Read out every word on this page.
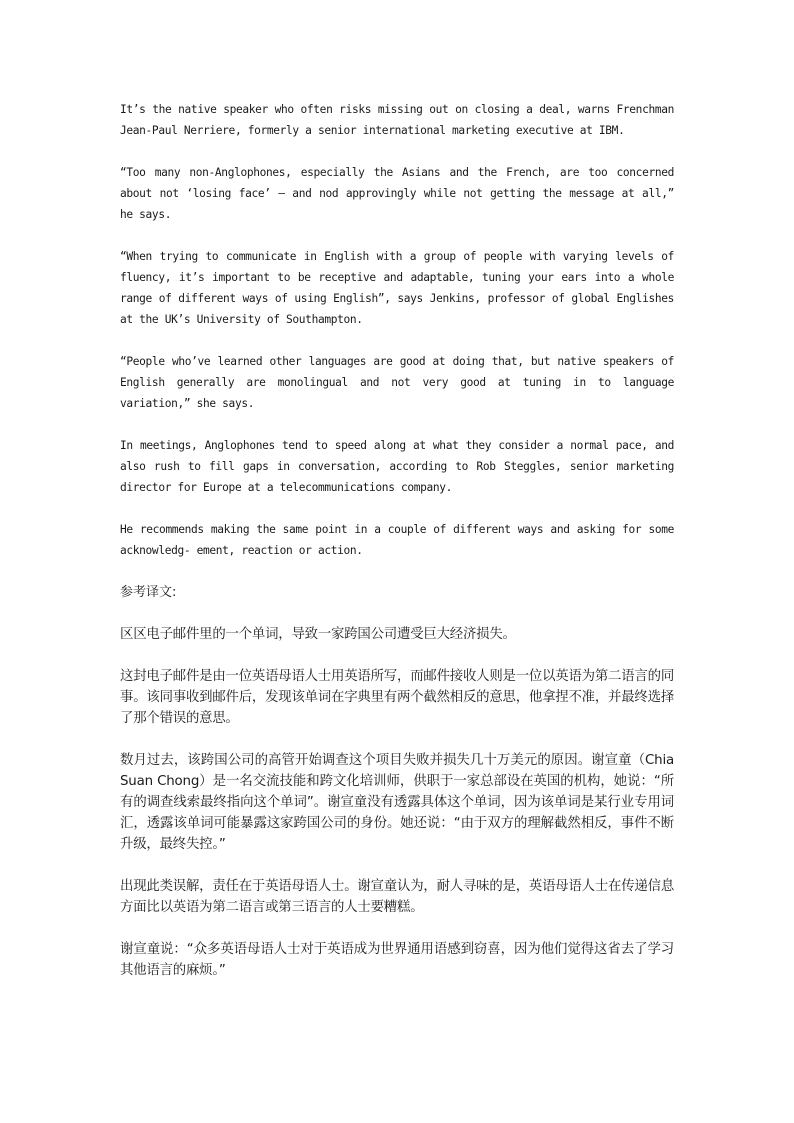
It’s the native speaker who often risks missing out on closing a deal, warns Frenchman Jean-Paul Nerriere, formerly a senior international marketing executive at IBM.

“Too many non-Anglophones, especially the Asians and the French, are too concerned about not ‘losing face’ — and nod approvingly while not getting the message at all,” he says.

“When trying to communicate in English with a group of people with varying levels of fluency, it’s important to be receptive and adaptable, tuning your ears into a whole range of different ways of using English”, says Jenkins, professor of global Englishes at the UK’s University of Southampton.

“People who’ve learned other languages are good at doing that, but native speakers of English generally are monolingual and not very good at tuning in to language variation,” she says.

In meetings, Anglophones tend to speed along at what they consider a normal pace, and also rush to fill gaps in conversation, according to Rob Steggles, senior marketing director for Europe at a telecommunications company.

He recommends making the same point in a couple of different ways and asking for some acknowledg- ement, reaction or action.

参考译文:

区区电子邮件里的一个单词，导致一家跨国公司遭受巨大经济损失。

这封电子邮件是由一位英语母语人士用英语所写，而邮件接收人则是一位以英语为第二语言的同事。该同事收到邮件后，发现该单词在字典里有两个截然相反的意思，他拿捏不准，并最终选择了那个错误的意思。

数月过去，该跨国公司的高管开始调查这个项目失败并损失几十万美元的原因。谢宣童（Chia Suan Chong）是一名交流技能和跨文化培训师，供职于一家总部设在英国的机构，她说：“所有的调查线索最终指向这个单词”。谢宣童没有透露具体这个单词，因为该单词是某行业专用词汇，透露该单词可能暴露这家跨国公司的身份。她还说：“由于双方的理解截然相反，事件不断升级，最终失控。”

出现此类误解，责任在于英语母语人士。谢宣童认为，耐人寻味的是，英语母语人士在传递信息方面比以英语为第二语言或第三语言的人士要糟糕。

谢宣童说：“众多英语母语人士对于英语成为世界通用语感到窃喜，因为他们觉得这省去了学习其他语言的麻烦。”
